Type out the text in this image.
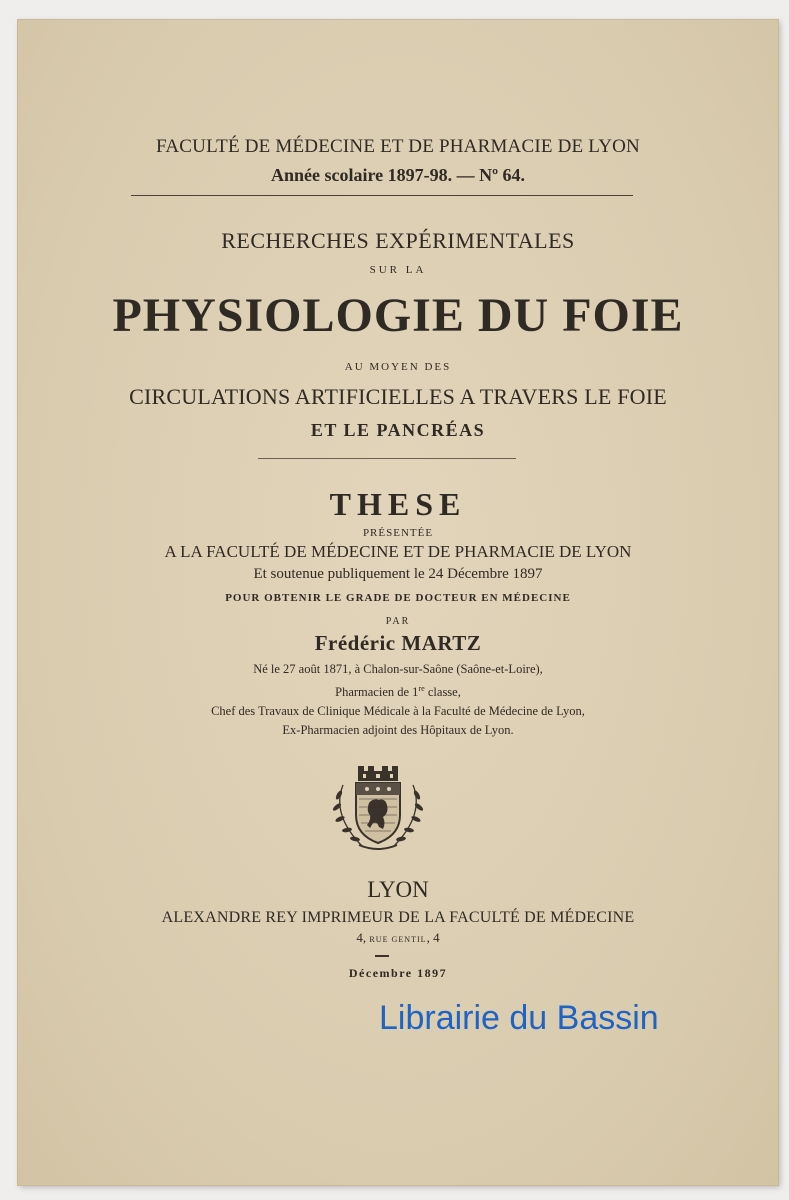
FACULTÉ DE MÉDECINE ET DE PHARMACIE DE LYON
Année scolaire 1897-98. — Nº 64.
RECHERCHES EXPÉRIMENTALES
SUR LA
PHYSIOLOGIE DU FOIE
AU MOYEN DES
CIRCULATIONS ARTIFICIELLES A TRAVERS LE FOIE
ET LE PANCRÉAS
THESE
PRÉSENTÉE
A LA FACULTÉ DE MÉDECINE ET DE PHARMACIE DE LYON
Et soutenue publiquement le 24 Décembre 1897
POUR OBTENIR LE GRADE DE DOCTEUR EN MÉDECINE
PAR
Frédéric MARTZ
Né le 27 août 1871, à Chalon-sur-Saône (Saône-et-Loire),
Pharmacien de 1re classe,
Chef des Travaux de Clinique Médicale à la Faculté de Médecine de Lyon,
Ex-Pharmacien adjoint des Hôpitaux de Lyon.
LYON
ALEXANDRE REY IMPRIMEUR DE LA FACULTÉ DE MÉDECINE
4, RUE GENTIL, 4
Décembre 1897
Librairie du Bassin
